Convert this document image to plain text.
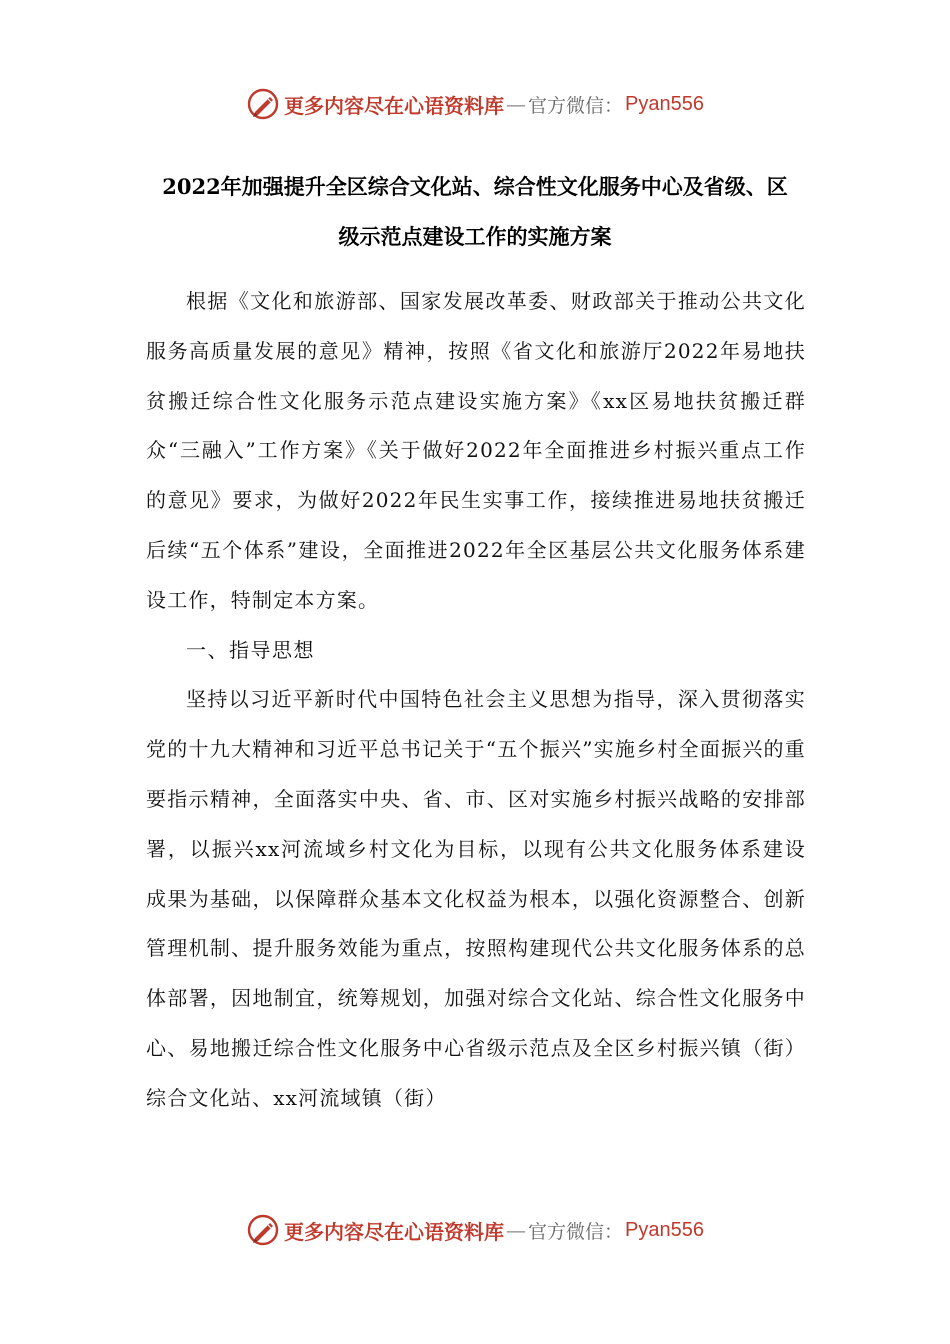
更多内容尽在心语资料库 — 官方微信： Pyan556
2022年加强提升全区综合文化站、综合性文化服务中心及省级、区
级示范点建设工作的实施方案

根据《文化和旅游部、国家发展改革委、财政部关于推动公共文化服务高质量发展的意见》精神，按照《省文化和旅游厅2022年易地扶贫搬迁综合性文化服务示范点建设实施方案》《xx区易地扶贫搬迁群众“三融入”工作方案》《关于做好2022年全面推进乡村振兴重点工作的意见》要求，为做好2022年民生实事工作，接续推进易地扶贫搬迁后续“五个体系”建设，全面推进2022年全区基层公共文化服务体系建设工作，特制定本方案。

一、指导思想

坚持以习近平新时代中国特色社会主义思想为指导，深入贯彻落实党的十九大精神和习近平总书记关于“五个振兴”实施乡村全面振兴的重要指示精神，全面落实中央、省、市、区对实施乡村振兴战略的安排部署，以振兴xx河流域乡村文化为目标，以现有公共文化服务体系建设成果为基础，以保障群众基本文化权益为根本，以强化资源整合、创新管理机制、提升服务效能为重点，按照构建现代公共文化服务体系的总体部署，因地制宜，统筹规划，加强对综合文化站、综合性文化服务中心、易地搬迁综合性文化服务中心省级示范点及全区乡村振兴镇（街）综合文化站、xx河流域镇（街）

更多内容尽在心语资料库 — 官方微信： Pyan556
